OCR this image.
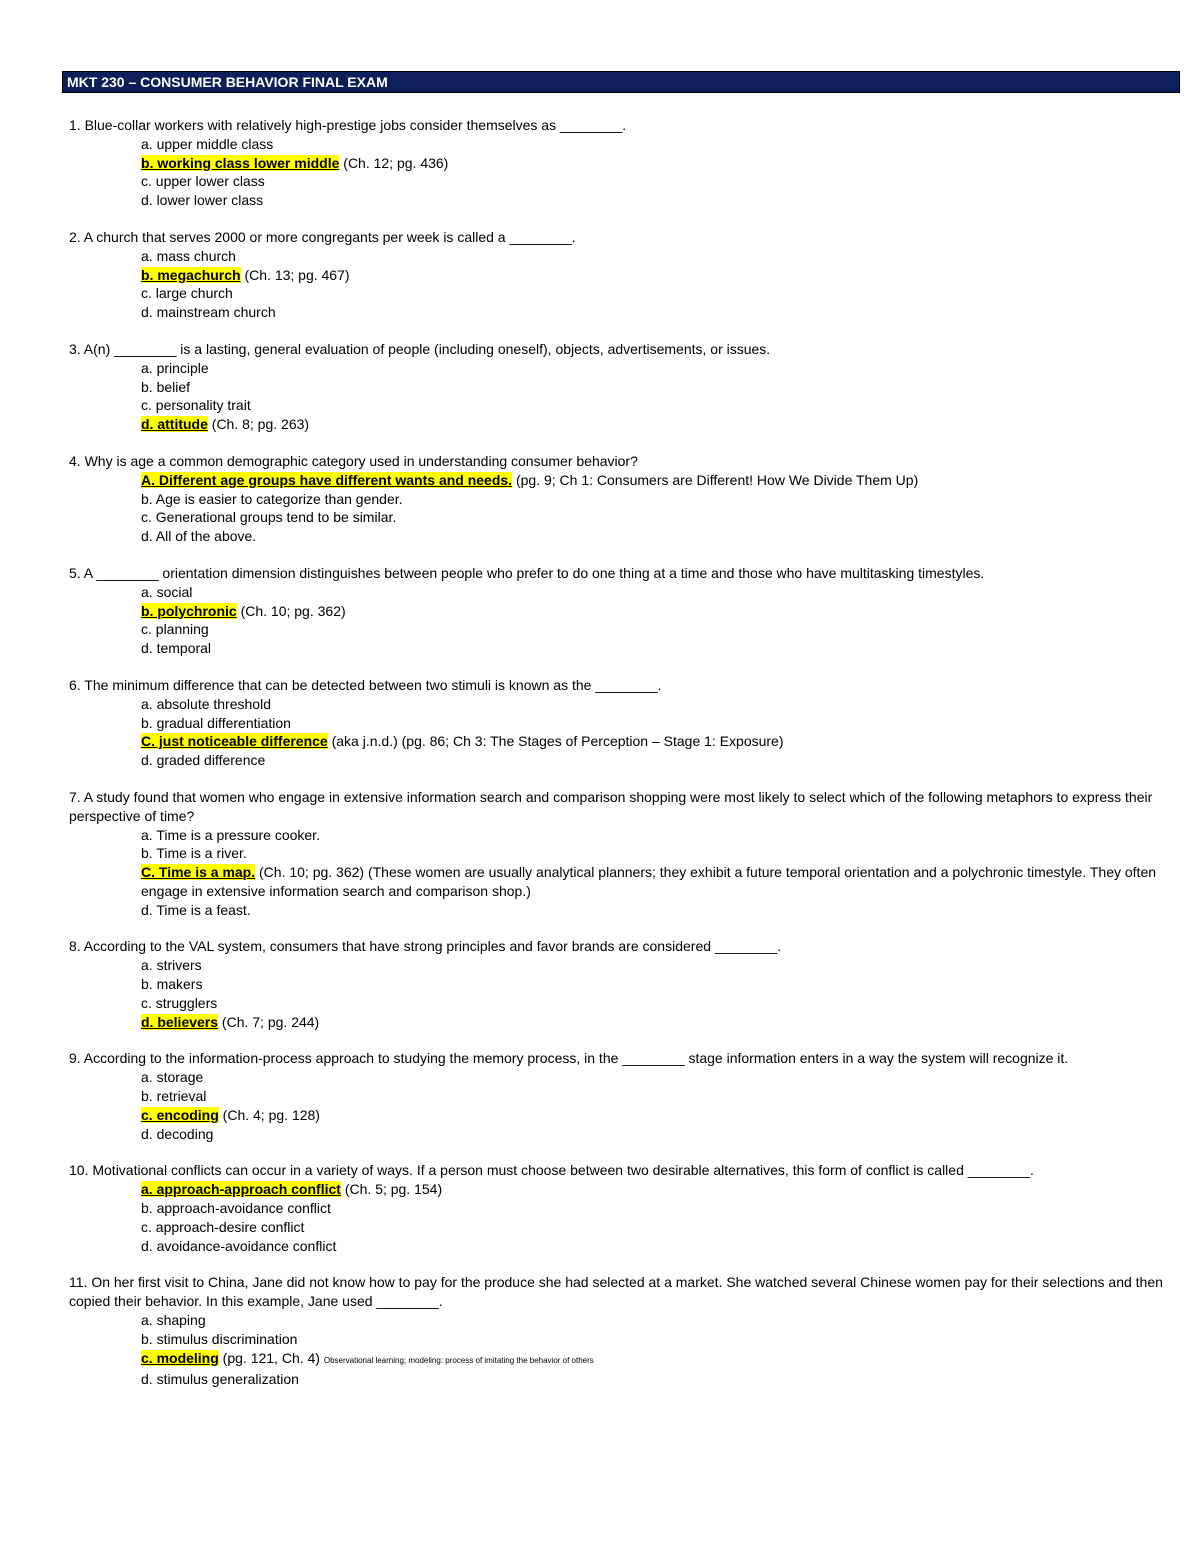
MKT 230 – CONSUMER BEHAVIOR FINAL EXAM

1. Blue-collar workers with relatively high-prestige jobs consider themselves as ________.

a. upper middle class
b. working class lower middle (Ch. 12; pg. 436)
c. upper lower class
d. lower lower class

2. A church that serves 2000 or more congregants per week is called a ________.

a. mass church
b. megachurch (Ch. 13; pg. 467)
c. large church
d. mainstream church

3. A(n) ________ is a lasting, general evaluation of people (including oneself), objects, advertisements, or issues.

a. principle
b. belief
c. personality trait
d. attitude (Ch. 8; pg. 263)

4. Why is age a common demographic category used in understanding consumer behavior?

A. Different age groups have different wants and needs. (pg. 9; Ch 1: Consumers are Different! How We Divide Them Up)
b. Age is easier to categorize than gender.
c. Generational groups tend to be similar.
d. All of the above.

5. A ________ orientation dimension distinguishes between people who prefer to do one thing at a time and those who have multitasking timestyles.

a. social
b. polychronic (Ch. 10; pg. 362)
c. planning
d. temporal

6. The minimum difference that can be detected between two stimuli is known as the ________.

a. absolute threshold
b. gradual differentiation
C. just noticeable difference (aka j.n.d.) (pg. 86; Ch 3: The Stages of Perception – Stage 1: Exposure)
d. graded difference

7. A study found that women who engage in extensive information search and comparison shopping were most likely to select which of the following metaphors to express their perspective of time?

a. Time is a pressure cooker.
b. Time is a river.
C. Time is a map. (Ch. 10; pg. 362) (These women are usually analytical planners; they exhibit a future temporal orientation and a polychronic timestyle. They often engage in extensive information search and comparison shop.)
d. Time is a feast.

8. According to the VAL system, consumers that have strong principles and favor brands are considered ________.

a. strivers
b. makers
c. strugglers
d. believers (Ch. 7; pg. 244)

9. According to the information-process approach to studying the memory process, in the ________ stage information enters in a way the system will recognize it.

a. storage
b. retrieval
c. encoding (Ch. 4; pg. 128)
d. decoding

10. Motivational conflicts can occur in a variety of ways. If a person must choose between two desirable alternatives, this form of conflict is called ________.

a. approach-approach conflict (Ch. 5; pg. 154)
b. approach-avoidance conflict
c. approach-desire conflict
d. avoidance-avoidance conflict

11. On her first visit to China, Jane did not know how to pay for the produce she had selected at a market. She watched several Chinese women pay for their selections and then copied their behavior. In this example, Jane used ________.

a. shaping
b. stimulus discrimination
c. modeling (pg. 121, Ch. 4) Observational learning; modeling: process of imitating the behavior of others
d. stimulus generalization
